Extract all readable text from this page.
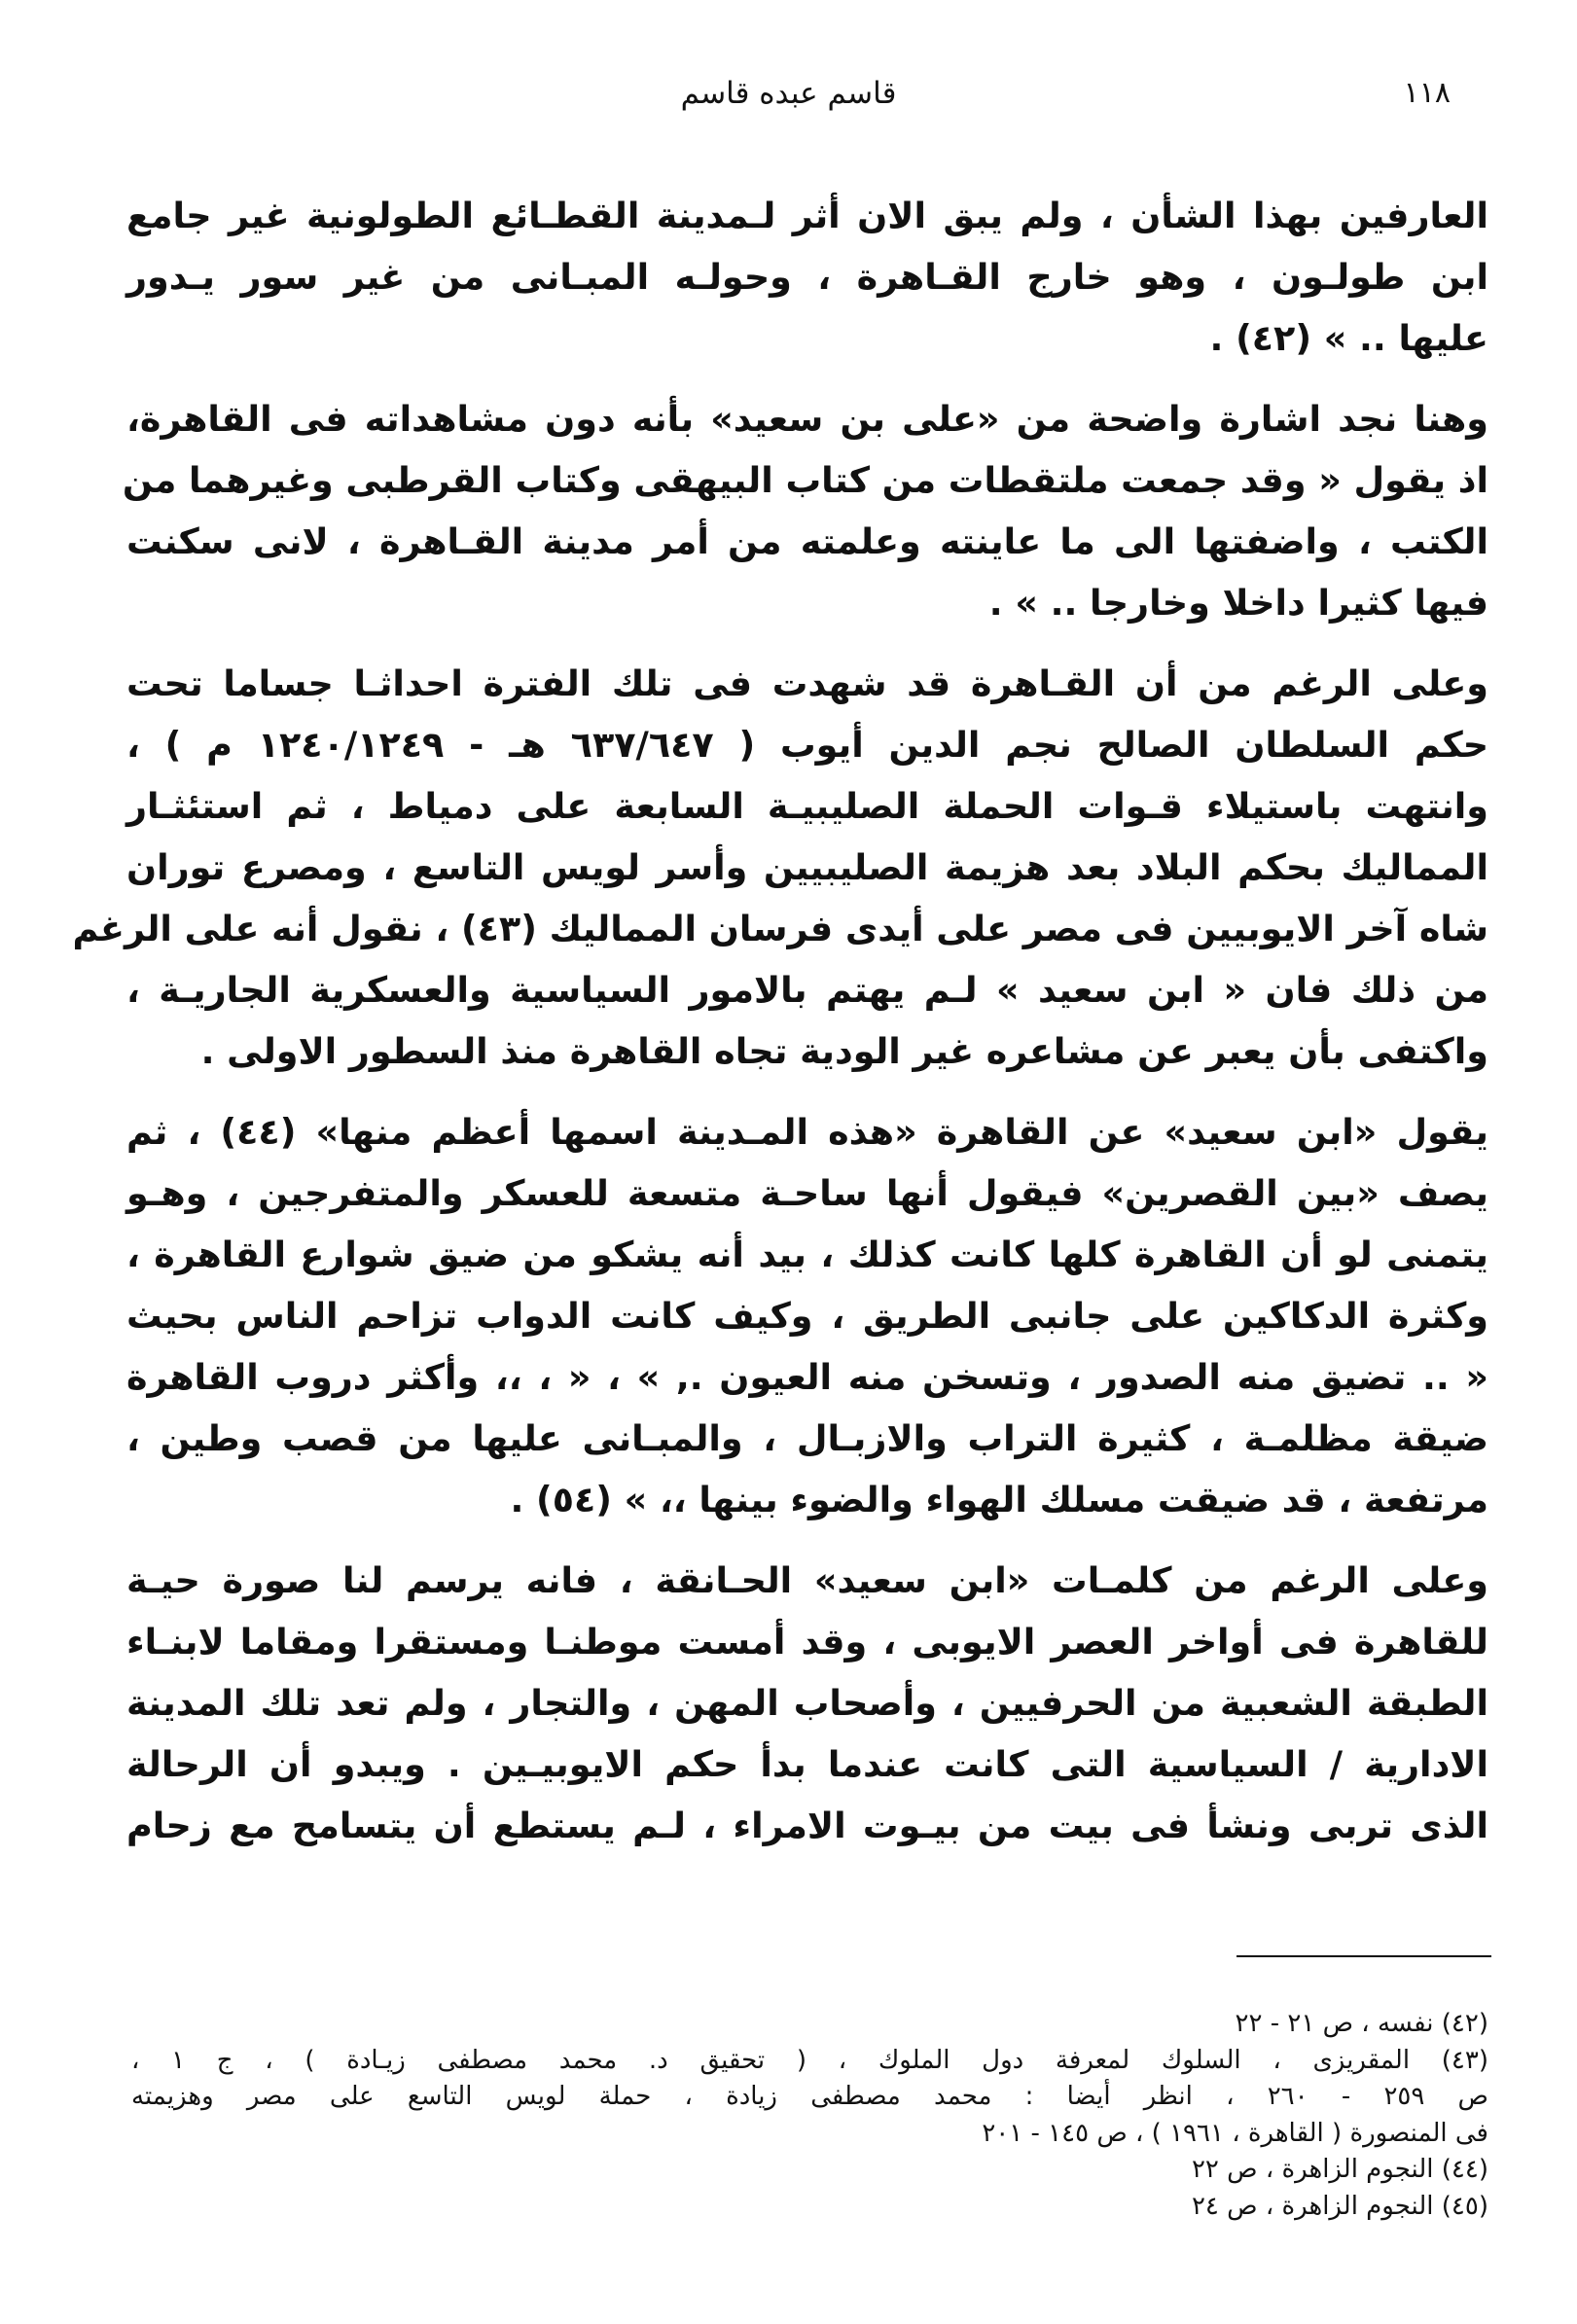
١١٨
قاسم عبده قاسم

العارفين بهذا الشأن ، ولم يبق الان أثر لـمدينة القطـائع الطولونية غير جامع
ابن طولـون ، وهو خارج القـاهرة ، وحولـه المبـانى من غير سور يـدور
عليها .. » (٤٢) .

وهنا نجد اشارة واضحة من «على بن سعيد» بأنه دون مشاهداته فى القاهرة،
اذ يقول « وقد جمعت ملتقطات من كتاب البيهقى وكتاب القرطبى وغيرهما من
الكتب ، واضفتها الى ما عاينته وعلمته من أمر مدينة القـاهرة ، لانى سكنت
فيها كثيرا داخلا وخارجا .. » .

وعلى الرغم من أن القـاهرة قد شهدت فى تلك الفترة احداثـا جساما تحت
حكم السلطان الصالح نجم الدين أيوب ( ٦٣٧/٦٤٧ هـ - ١٢٤٠/١٢٤٩ م ) ،
وانتهت باستيلاء قـوات الحملة الصليبيـة السابعة على دمياط ، ثم استئثـار
المماليك بحكم البلاد بعد هزيمة الصليبيين وأسر لويس التاسع ، ومصرع توران
شاه آخر الايوبيين فى مصر على أيدى فرسان المماليك (٤٣) ، نقول أنه على الرغم
من ذلك فان « ابن سعيد » لـم يهتم بالامور السياسية والعسكرية الجاريـة ،
واكتفى بأن يعبر عن مشاعره غير الودية تجاه القاهرة منذ السطور الاولى .

يقول «ابن سعيد» عن القاهرة «هذه المـدينة اسمها أعظم منها» (٤٤) ، ثم
يصف «بين القصرين» فيقول أنها ساحـة متسعة للعسكر والمتفرجين ، وهـو
يتمنى لو أن القاهرة كلها كانت كذلك ، بيد أنه يشكو من ضيق شوارع القاهرة ،
وكثرة الدكاكين على جانبى الطريق ، وكيف كانت الدواب تزاحم الناس بحيث
« .. تضيق منه الصدور ، وتسخن منه العيون ., » ، « ، ،، وأكثر دروب القاهرة
ضيقة مظلمـة ، كثيرة التراب والازبـال ، والمبـانى عليها من قصب وطين ،
مرتفعة ، قد ضيقت مسلك الهواء والضوء بينها ،، » (٥٤) .

وعلى الرغم من كلمـات «ابن سعيد» الحـانقة ، فانه يرسم لنا صورة حيـة
للقاهرة فى أواخر العصر الايوبى ، وقد أمست موطنـا ومستقرا ومقاما لابنـاء
الطبقة الشعبية من الحرفيين ، وأصحاب المهن ، والتجار ، ولم تعد تلك المدينة
الادارية / السياسية التى كانت عندما بدأ حكم الايوبيـين . ويبدو أن الرحالة
الذى تربى ونشأ فى بيت من بيـوت الامراء ، لـم يستطع أن يتسامح مع زحام

(٤٢) نفسه ، ص ٢١ - ٢٢
(٤٣) المقريزى ، السلوك لمعرفة دول الملوك ، ( تحقيق د. محمد مصطفى زيـادة ) ، ج ١ ،
ص ٢٥٩ - ٢٦٠ ، انظر أيضا : محمد مصطفى زيادة ، حملة لويس التاسع على مصر وهزيمته
فى المنصورة ( القاهرة ، ١٩٦١ ) ، ص ١٤٥ - ٢٠١
(٤٤) النجوم الزاهرة ، ص ٢٢
(٤٥) النجوم الزاهرة ، ص ٢٤
